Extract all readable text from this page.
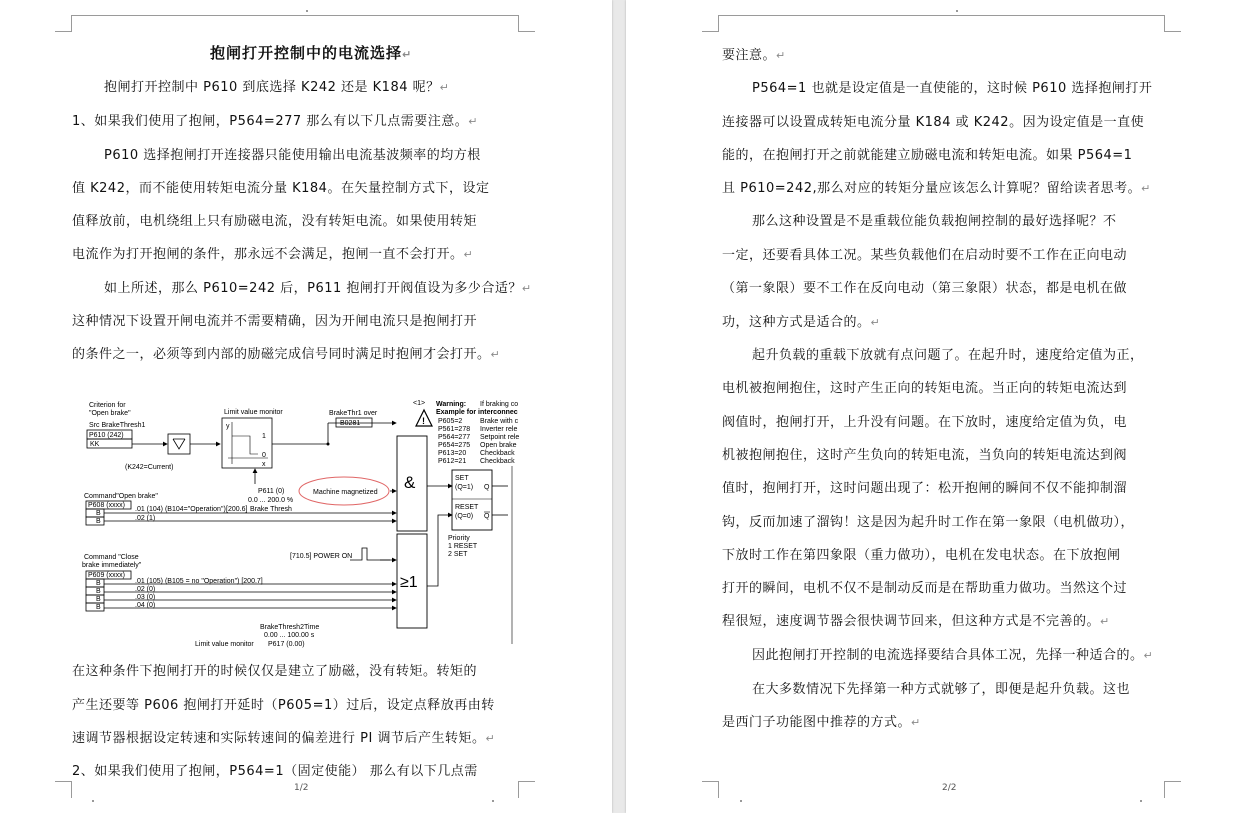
1/2
抱闸打开控制中的电流选择↵
抱闸打开控制中 P610 到底选择 K242 还是 K184 呢？↵
1、如果我们使用了抱闸，P564=277 那么有以下几点需要注意。↵
P610 选择抱闸打开连接器只能使用输出电流基波频率的均方根
值 K242，而不能使用转矩电流分量 K184。在矢量控制方式下，设定
值释放前，电机绕组上只有励磁电流，没有转矩电流。如果使用转矩
电流作为打开抱闸的条件，那永远不会满足，抱闸一直不会打开。↵
如上所述，那么 P610=242 后，P611 抱闸打开阀值设为多少合适？↵
这种情况下设置开闸电流并不需要精确，因为开闸电流只是抱闸打开
的条件之一，必须等到内部的励磁完成信号同时满足时抱闸才会打开。↵
在这种条件下抱闸打开的时候仅仅是建立了励磁，没有转矩。转矩的
产生还要等 P606 抱闸打开延时（P605=1）过后，设定点释放再由转
速调节器根据设定转速和实际转速间的偏差进行 PI 调节后产生转矩。↵
2、如果我们使用了抱闸，P564=1（固定使能） 那么有以下几点需
Criterion for
"Open brake"
Src BrakeThresh1
P610 (242)
KK
(K242=Current)
Limit value monitor
y
x
1
0
BrakeThr1 over
B0281
P611 (0)
0.0 ... 200.0 %
Brake Thresh
Machine magnetized
&	SET
(Q=1) Q
RESET
(Q=0) Q
Priority
1 RESET
2 SET
<1>
!
Warning:
Example for interconnec
If braking co
P605=2	Brake with c
P561=278 Inverter rele
P564=277 Setpoint rele
P654=275 Open brake
P613=20 Checkback
P612=21 Checkback
Command"Open brake"
P608 (xxxx)
B
B
.01 (104) (B104="Operation") [200.6]
.02 (1)
Command "Close
brake immediately"
P609 (xxxx)
B	.01 (105) (B105 = no "Operation") [200.7]
B	.02 (0)
B	.03 (0)
B	.04 (0)
[710.5] POWER ON
≥1
BrakeThresh2Time
0.00 ... 100.00 s
Limit value monitor P617 (0.00)
2/2
要注意。↵
P564=1 也就是设定值是一直使能的，这时候 P610 选择抱闸打开
连接器可以设置成转矩电流分量 K184 或 K242。因为设定值是一直使
能的，在抱闸打开之前就能建立励磁电流和转矩电流。如果 P564=1
且 P610=242,那么对应的转矩分量应该怎么计算呢？留给读者思考。↵
那么这种设置是不是重载位能负载抱闸控制的最好选择呢？不
一定，还要看具体工况。某些负载他们在启动时要不工作在正向电动
（第一象限）要不工作在反向电动（第三象限）状态，都是电机在做
功，这种方式是适合的。↵
起升负载的重载下放就有点问题了。在起升时，速度给定值为正，
电机被抱闸抱住，这时产生正向的转矩电流。当正向的转矩电流达到
阀值时，抱闸打开，上升没有问题。在下放时，速度给定值为负，电
机被抱闸抱住，这时产生负向的转矩电流，当负向的转矩电流达到阀
值时，抱闸打开，这时问题出现了：松开抱闸的瞬间不仅不能抑制溜
钩，反而加速了溜钩！这是因为起升时工作在第一象限（电机做功），
下放时工作在第四象限（重力做功），电机在发电状态。在下放抱闸
打开的瞬间，电机不仅不是制动反而是在帮助重力做功。当然这个过
程很短，速度调节器会很快调节回来，但这种方式是不完善的。↵
因此抱闸打开控制的电流选择要结合具体工况，先择一种适合的。↵
在大多数情况下先择第一种方式就够了，即便是起升负载。这也
是西门子功能图中推荐的方式。↵
